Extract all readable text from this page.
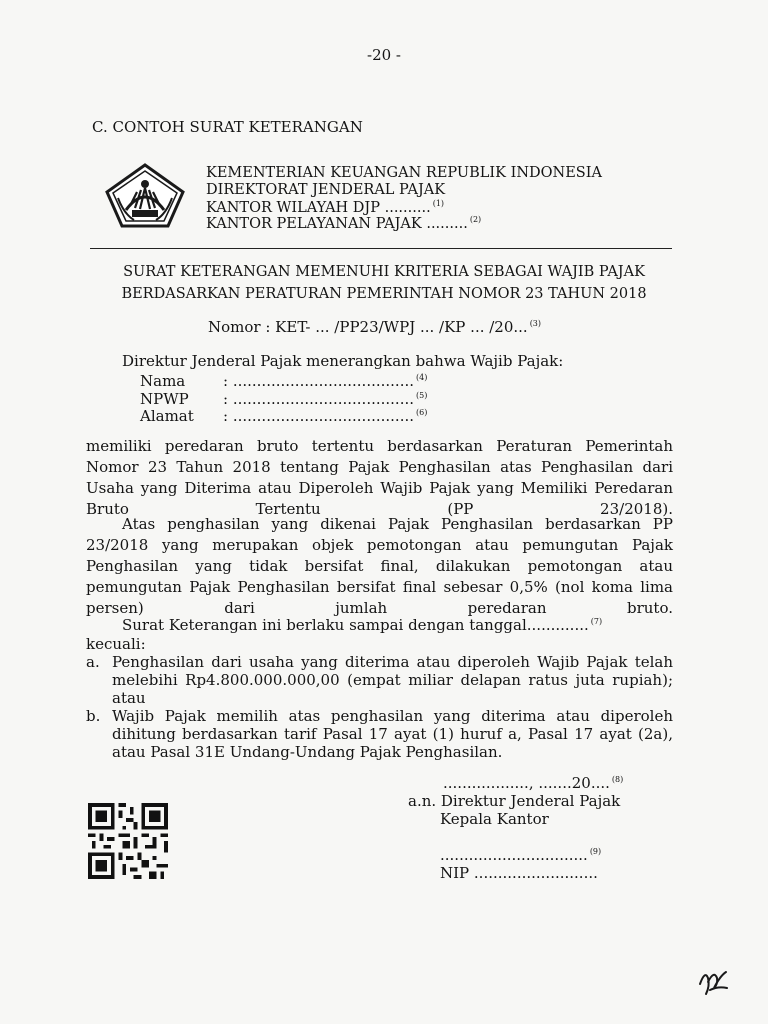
-20 -
C. CONTOH SURAT KETERANGAN
KEMENTERIAN KEUANGAN REPUBLIK INDONESIA
DIREKTORAT JENDERAL PAJAK
KANTOR WILAYAH DJP .......... $^{(1)}$
KANTOR PELAYANAN PAJAK ......... $^{(2)}$
SURAT KETERANGAN MEMENUHI KRITERIA SEBAGAI WAJIB PAJAK
BERDASARKAN PERATURAN PEMERINTAH NOMOR 23 TAHUN 2018
Nomor : KET- ... /PP23/WPJ ... /KP ... /20... $^{(3)}$
Direktur Jenderal Pajak menerangkan bahwa Wajib Pajak:
Nama	: ...................................... $^{(4)}$
NPWP : ...................................... $^{(5)}$
Alamat : ...................................... $^{(6)}$
memiliki peredaran bruto tertentu berdasarkan Peraturan Pemerintah Nomor 23 Tahun 2018 tentang Pajak Penghasilan atas Penghasilan dari Usaha yang Diterima atau Diperoleh Wajib Pajak yang Memiliki Peredaran Bruto Tertentu (PP 23/2018).
Atas penghasilan yang dikenai Pajak Penghasilan berdasarkan PP 23/2018 yang merupakan objek pemotongan atau pemungutan Pajak Penghasilan yang tidak bersifat final, dilakukan pemotongan atau pemungutan Pajak Penghasilan bersifat final sebesar 0,5% (nol koma lima persen) dari jumlah peredaran bruto.
Surat Keterangan ini berlaku sampai dengan tanggal............. $^{(7)}$
kecuali:
a. Penghasilan dari usaha yang diterima atau diperoleh Wajib Pajak telah
melebihi Rp4.800.000.000,00 (empat miliar delapan ratus juta rupiah);
atau
b. Wajib Pajak memilih atas penghasilan yang diterima atau diperoleh
dihitung berdasarkan tarif Pasal 17 ayat (1) huruf a, Pasal 17 ayat (2a),
atau Pasal 31E Undang-Undang Pajak Penghasilan.
.................., .......20.... $^{(8)}$
a.n. Direktur Jenderal Pajak
Kepala Kantor
............................... $^{(9)}$
NIP ..........................
